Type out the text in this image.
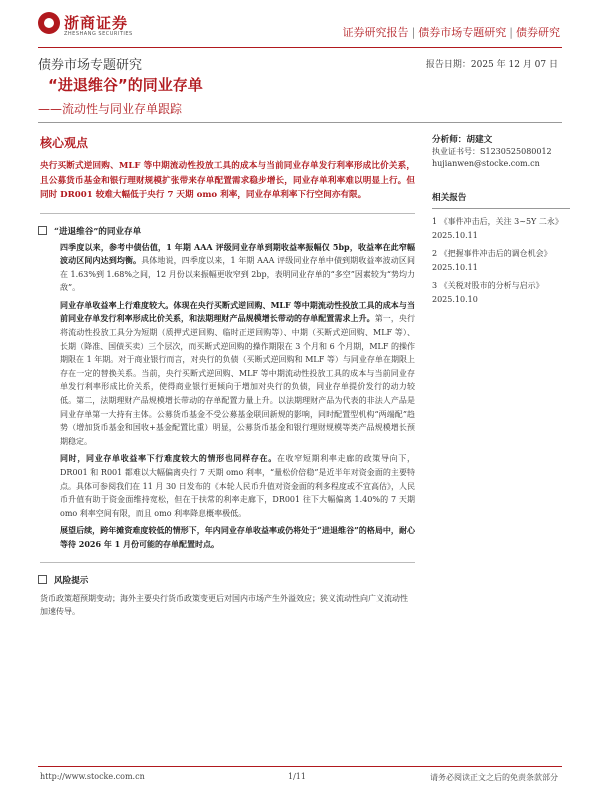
浙商证券
ZHESHANG SECURITIES	证券研究报告 | 债券市场专题研究 | 债券研究
债券市场专题研究	报告日期：2025 年 12 月 07 日
“进退维谷”的同业存单
——流动性与同业存单跟踪
核心观点
央行买断式逆回购、MLF 等中期流动性投放工具的成本与当前同业存单发行利率形成比价关系，且公募货币基金和银行理财规模扩张带来存单配置需求稳步增长，同业存单利率难以明显上行。但同时 DR001 较难大幅低于央行 7 天期 omo 利率，同业存单利率下行空间亦有限。
“进退维谷”的同业存单

四季度以来，参考中债估值，1 年期 AAA 评级同业存单到期收益率振幅仅 5bp，收益率在此窄幅波动区间内达到均衡。具体地说，四季度以来，1 年期 AAA 评级同业存单中债到期收益率波动区间在 1.63%到 1.68%之间，12 月份以来振幅更收窄到 2bp，表明同业存单的“多空”因素较为“势均力敌”。

同业存单收益率上行难度较大。体现在央行买断式逆回购、MLF 等中期流动性投放工具的成本与当前同业存单发行利率形成比价关系，和法期理财产品规模增长带动的存单配置需求上升。第一，央行将流动性投放工具分为短期（质押式逆回购、临时正逆回购等）、中期（买断式逆回购、MLF 等）、长期（降准、国债买卖）三个层次，而买断式逆回购的操作期限在 3 个月和 6 个月期，MLF 的操作期限在 1 年期。对于商业银行而言，对央行的负债（买断式逆回购和 MLF 等）与同业存单在期限上存在一定的替换关系。当前，央行买断式逆回购、MLF 等中期流动性投放工具的成本与当前同业存单发行利率形成比价关系，使得商业银行更倾向于增加对央行的负债，同业存单提价发行的动力较低。第二，法期理财产品规模增长带动的存单配置力量上升。以法期理财产品为代表的非法人产品是同业存单第一大持有主体。公募货币基金不受公募基金联回新规的影响，同时配置型机构“两端配”趋势（增加货币基金和国收+基金配置比重）明显，公募货币基金和银行理财规模等类产品规模增长预期稳定。

同时，同业存单收益率下行难度较大的情形也同样存在。在收窄短期利率走廊的政策导向下，DR001 和 R001 都难以大幅偏离央行 7 天期 omo 利率，“量松价倍稳”是近半年对资金面的主要特点。具体可参阅我们在 11 月 30 日发布的《本轮人民币升值对资金面的利多程度或不宜高估》，人民币升值有助于资金面维持宽松，但在于扶常的利率走廊下，DR001 往下大幅偏离 1.40%的 7 天期 omo 利率空间有限，而且 omo 利率降息概率极低。

展望后续，跨年摊资难度较低的情形下，年内同业存单收益率或仍将处于“进退维谷”的格局中，耐心等待 2026 年 1 月份可能的存单配置时点。

风险提示
货币政策超预期变动；海外主要央行货币政策变更后对国内市场产生外溢效应；狭义流动性向广义流动性加速传导。
分析师：胡建文
执业证书号：S1230525080012
hujianwen@stocke.com.cn
相关报告
1 《事件冲击后，关注 3~5Y 二永》 2025.10.11
2 《把握事件冲击后的调仓机会》 2025.10.11
3 《关税对股市的分析与启示》 2025.10.10
http://www.stocke.com.cn	1/11	请务必阅读正文之后的免责条款部分
